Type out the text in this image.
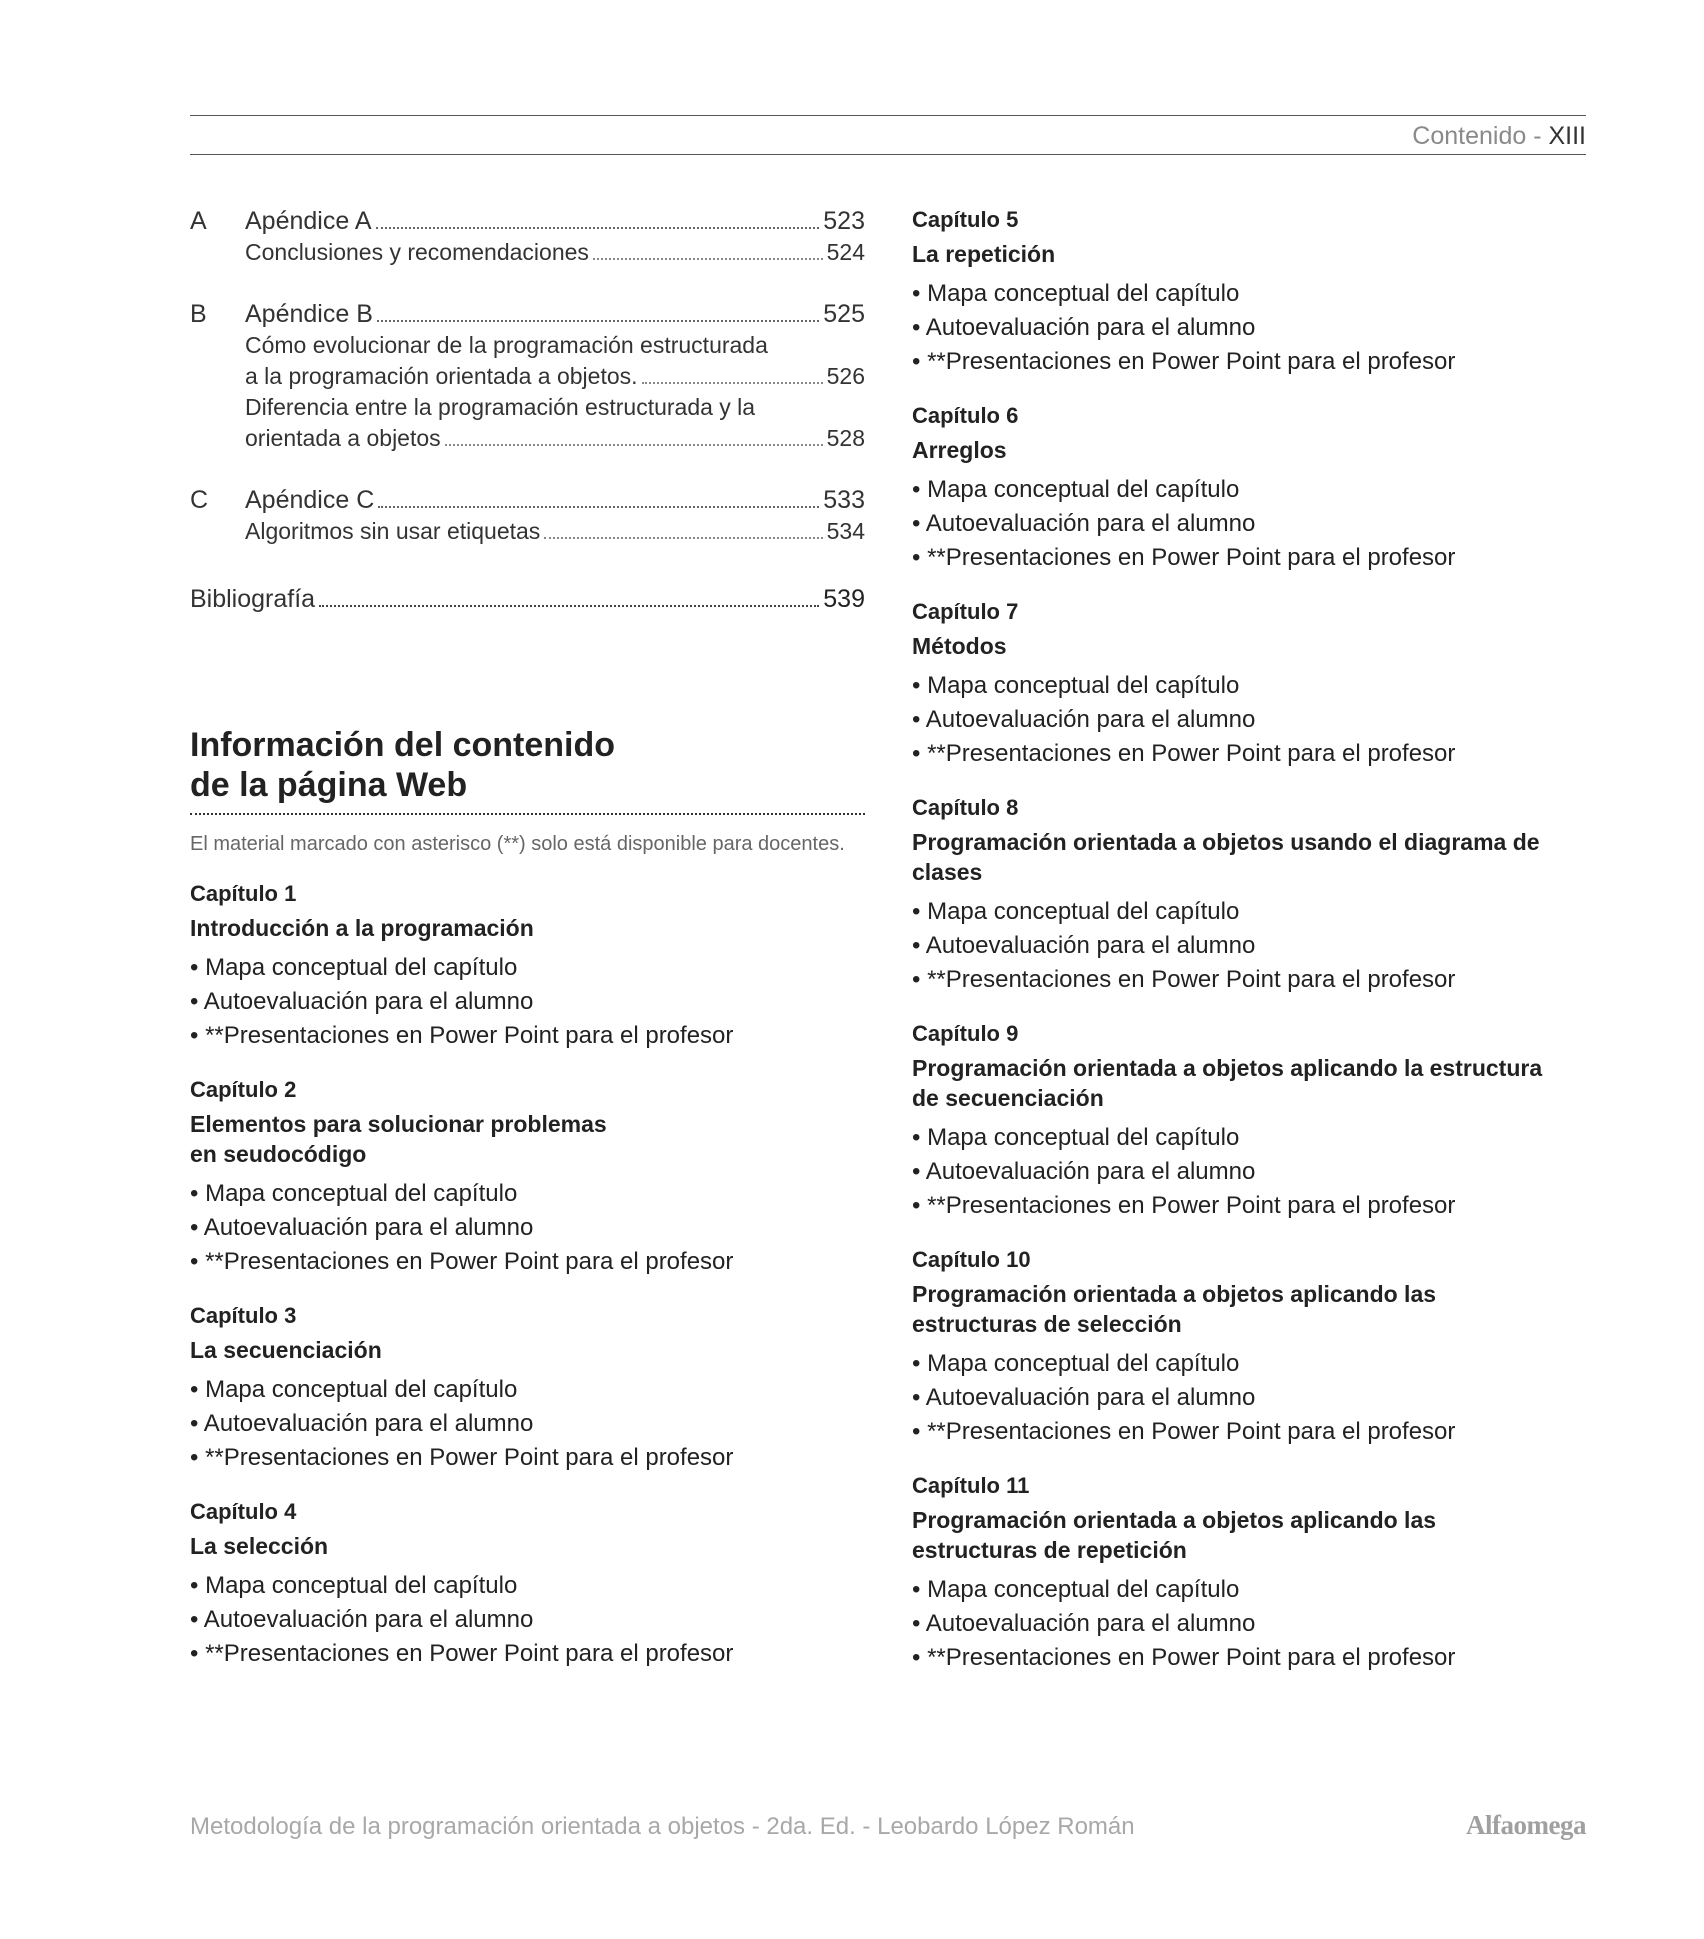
Contenido - XIII
A	Apéndice A	523
Conclusiones y recomendaciones	524
B	Apéndice B	525
Cómo evolucionar de la programación estructurada
a la programación orientada a objetos.	526
Diferencia entre la programación estructurada y la
orientada a objetos	528
C	Apéndice C	533
Algoritmos sin usar etiquetas	534
Bibliografía	539
Información del contenido
de la página Web
El material marcado con asterisco (**) solo está disponible para docentes.
Capítulo 1
Introducción a la programación
• Mapa conceptual del capítulo
• Autoevaluación para el alumno
• **Presentaciones en Power Point para el profesor
Capítulo 2
Elementos para solucionar problemas
en seudocódigo
• Mapa conceptual del capítulo
• Autoevaluación para el alumno
• **Presentaciones en Power Point para el profesor
Capítulo 3
La secuenciación
• Mapa conceptual del capítulo
• Autoevaluación para el alumno
• **Presentaciones en Power Point para el profesor
Capítulo 4
La selección
• Mapa conceptual del capítulo
• Autoevaluación para el alumno
• **Presentaciones en Power Point para el profesor
Capítulo 5
La repetición
• Mapa conceptual del capítulo
• Autoevaluación para el alumno
• **Presentaciones en Power Point para el profesor
Capítulo 6
Arreglos
• Mapa conceptual del capítulo
• Autoevaluación para el alumno
• **Presentaciones en Power Point para el profesor
Capítulo 7
Métodos
• Mapa conceptual del capítulo
• Autoevaluación para el alumno
• **Presentaciones en Power Point para el profesor
Capítulo 8
Programación orientada a objetos usando el diagrama de
clases
• Mapa conceptual del capítulo
• Autoevaluación para el alumno
• **Presentaciones en Power Point para el profesor
Capítulo 9
Programación orientada a objetos aplicando la estructura
de secuenciación
• Mapa conceptual del capítulo
• Autoevaluación para el alumno
• **Presentaciones en Power Point para el profesor
Capítulo 10
Programación orientada a objetos aplicando las
estructuras de selección
• Mapa conceptual del capítulo
• Autoevaluación para el alumno
• **Presentaciones en Power Point para el profesor
Capítulo 11
Programación orientada a objetos aplicando las
estructuras de repetición
• Mapa conceptual del capítulo
• Autoevaluación para el alumno
• **Presentaciones en Power Point para el profesor
Metodología de la programación orientada a objetos - 2da. Ed. - Leobardo López Román	Alfaomega
